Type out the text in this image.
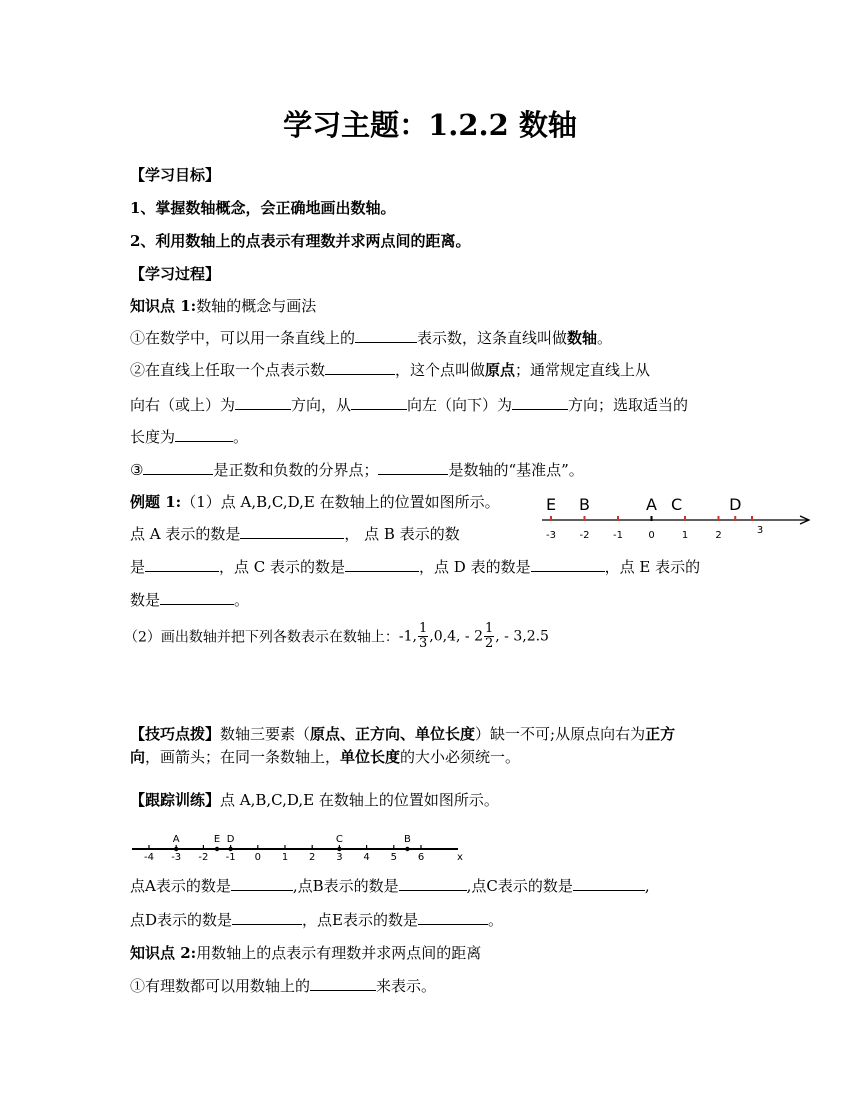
学习主题：1.2.2 数轴
【学习目标】
1、掌握数轴概念，会正确地画出数轴。
2、利用数轴上的点表示有理数并求两点间的距离。
【学习过程】
知识点 1:数轴的概念与画法
①在数学中，可以用一条直线上的	表示数，这条直线叫做数轴。
②在直线上任取一个点表示数	，这个点叫做原点；通常规定直线上从
向右（或上）为	方向，从	向左（向下）为	方向；选取适当的
长度为	。
③	是正数和负数的分界点；	是数轴的“基准点”。
例题 1:（1）点 A,B,C,D,E 在数轴上的位置如图所示。
-3 -2 -1	0	1	2	3
E B	A C	D
点 A 表示的数是	， 点 B 表示的数
是	，点 C 表示的数是	，点 D 表的数是	，点 E 表示的
数是	。
（2）画出数轴并把下列各数表示在数轴上：-1, $\frac{1}{3} ,0,4$, - $2 \frac{1}{2}$ , - 3,2.5
【技巧点拨】数轴三要素（原点、正方向、单位长度）缺一不可;从原点向右为正方
向，画箭头；在同一条数轴上，单位长度的大小必须统一。
【跟踪训练】点 A,B,C,D,E 在数轴上的位置如图所示。
-4 -3 -2 -1 0 1 2 3 4 5 6
A	E D	C	B
x
点A表示的数是	,点B表示的数是	,点C表示的数是	,
点D表示的数是	，点E表示的数是	。
知识点 2:用数轴上的点表示有理数并求两点间的距离
①有理数都可以用数轴上的	来表示。
